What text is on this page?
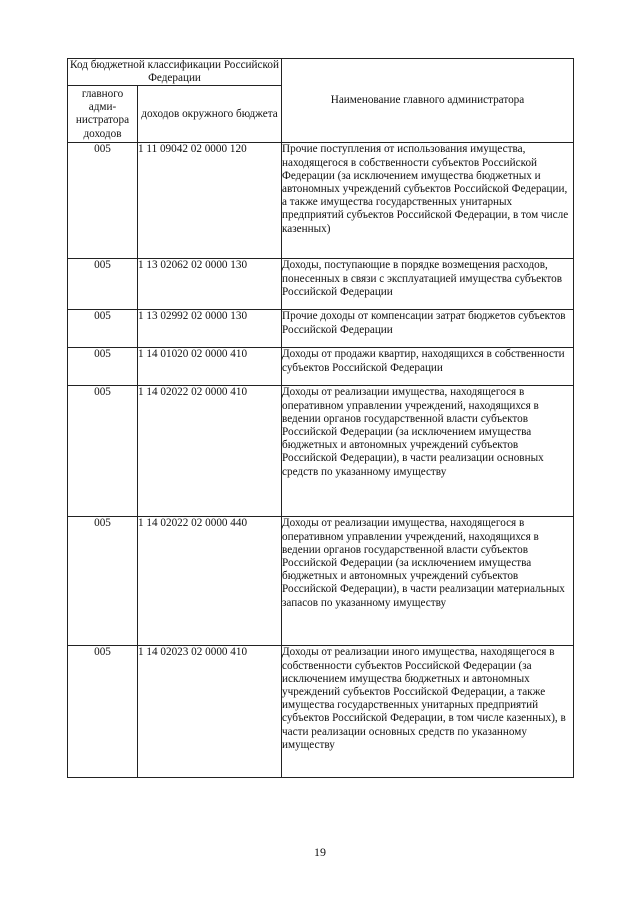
Код бюджетной классификации Российской Федерации		Наименование главного администратора
главного адми-нистратора доходов	доходов окружного бюджета	
005	1 11 09042 02 0000 120	Прочие поступления от использования имущества, находящегося в собственности субъектов Российской Федерации (за исключением имущества бюджетных и автономных учреждений субъектов Российской Федерации, а также имущества государственных унитарных предприятий субъектов Российской Федерации, в том числе казенных)
005	1 13 02062 02 0000 130	Доходы, поступающие в порядке возмещения расходов, понесенных в связи с эксплуатацией имущества субъектов Российской Федерации
005	1 13 02992 02 0000 130	Прочие доходы от компенсации затрат бюджетов субъектов Российской Федерации
005	1 14 01020 02 0000 410	Доходы от продажи квартир, находящихся в собственности субъектов Российской Федерации
005	1 14 02022 02 0000 410	Доходы от реализации имущества, находящегося в оперативном управлении учреждений, находящихся в ведении органов государственной власти субъектов Российской Федерации (за исключением имущества бюджетных и автономных учреждений субъектов Российской Федерации), в части реализации основных средств по указанному имуществу
005	1 14 02022 02 0000 440	Доходы от реализации имущества, находящегося в оперативном управлении учреждений, находящихся в ведении органов государственной власти субъектов Российской Федерации (за исключением имущества бюджетных и автономных учреждений субъектов Российской Федерации), в части реализации материальных запасов по указанному имуществу
005	1 14 02023 02 0000 410	Доходы от реализации иного имущества, находящегося в собственности субъектов Российской Федерации (за исключением имущества бюджетных и автономных учреждений субъектов Российской Федерации, а также имущества государственных унитарных предприятий субъектов Российской Федерации, в том числе казенных), в части реализации основных средств по указанному имуществу
19
